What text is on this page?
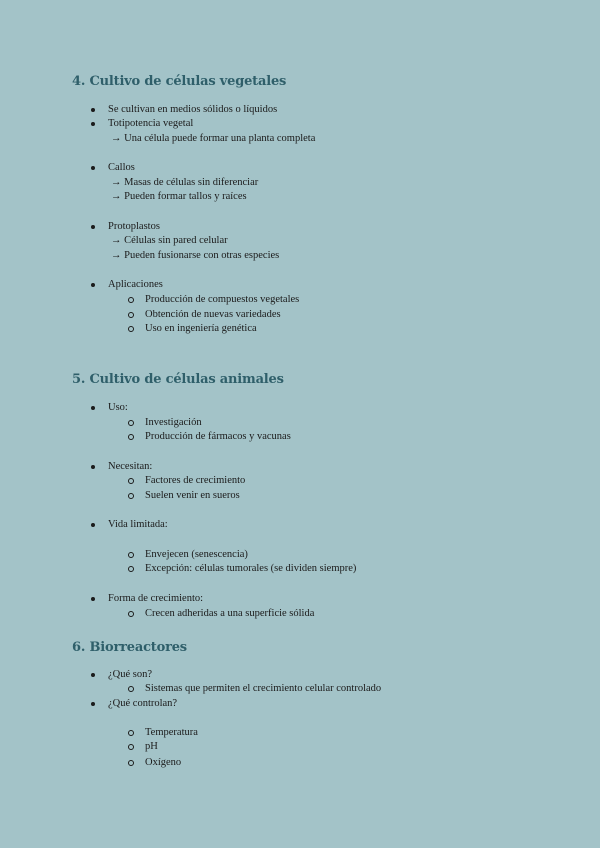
4. Cultivo de células vegetales

Se cultivan en medios sólidos o líquidos

Totipotencia vegetal

→ Una célula puede formar una planta completa

Callos

→ Masas de células sin diferenciar

→ Pueden formar tallos y raíces

Protoplastos

→ Células sin pared celular

→ Pueden fusionarse con otras especies

Aplicaciones

Producción de compuestos vegetales

Obtención de nuevas variedades

Uso en ingeniería genética

5. Cultivo de células animales

Uso:

Investigación

Producción de fármacos y vacunas

Necesitan:

Factores de crecimiento

Suelen venir en sueros

Vida limitada:

Envejecen (senescencia)

Excepción: células tumorales (se dividen siempre)

Forma de crecimiento:

Crecen adheridas a una superficie sólida

6. Biorreactores

¿Qué son?

Sistemas que permiten el crecimiento celular controlado

¿Qué controlan?

Temperatura

pH

Oxígeno
